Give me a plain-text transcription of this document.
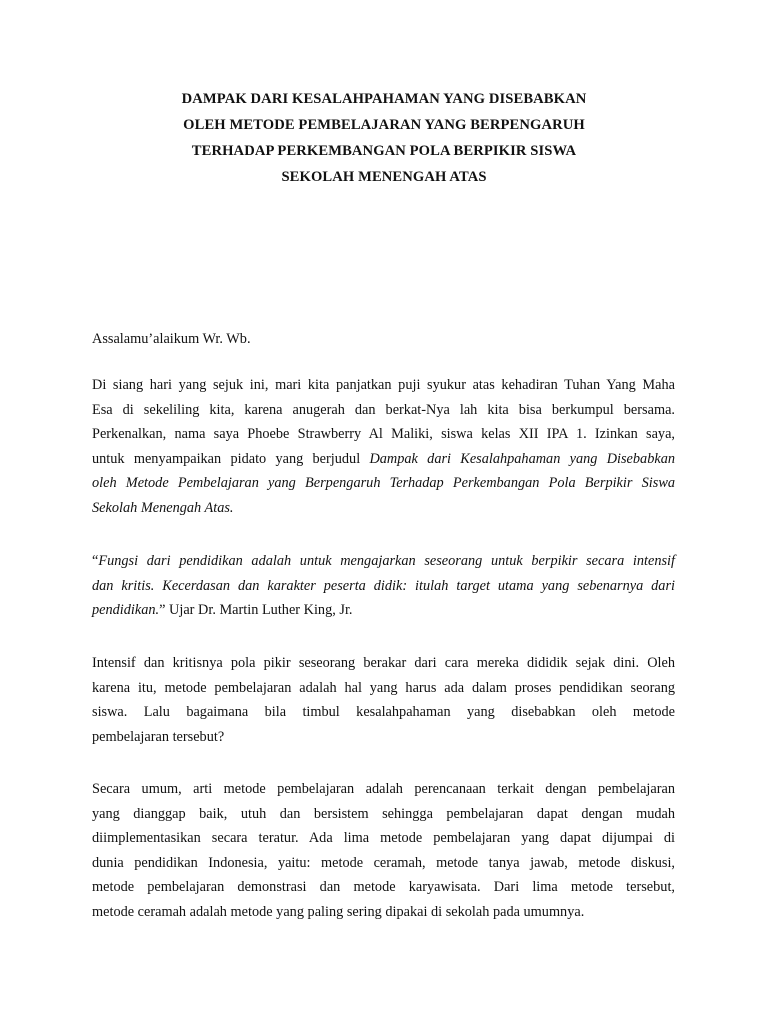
DAMPAK DARI KESALAHPAHAMAN YANG DISEBABKAN
OLEH METODE PEMBELAJARAN YANG BERPENGARUH
TERHADAP PERKEMBANGAN POLA BERPIKIR SISWA
SEKOLAH MENENGAH ATAS

Assalamu’alaikum Wr. Wb.

Di siang hari yang sejuk ini, mari kita panjatkan puji syukur atas kehadiran Tuhan Yang Maha
Esa di sekeliling kita, karena anugerah dan berkat-Nya lah kita bisa berkumpul bersama.
Perkenalkan, nama saya Phoebe Strawberry Al Maliki, siswa kelas XII IPA 1. Izinkan saya,
untuk menyampaikan pidato yang berjudul Dampak dari Kesalahpahaman yang Disebabkan
oleh Metode Pembelajaran yang Berpengaruh Terhadap Perkembangan Pola Berpikir Siswa
Sekolah Menengah Atas.

“Fungsi dari pendidikan adalah untuk mengajarkan seseorang untuk berpikir secara intensif
dan kritis. Kecerdasan dan karakter peserta didik: itulah target utama yang sebenarnya dari
pendidikan.” Ujar Dr. Martin Luther King, Jr.

Intensif dan kritisnya pola pikir seseorang berakar dari cara mereka dididik sejak dini. Oleh
karena itu, metode pembelajaran adalah hal yang harus ada dalam proses pendidikan seorang
siswa. Lalu bagaimana bila timbul kesalahpahaman yang disebabkan oleh metode
pembelajaran tersebut?

Secara umum, arti metode pembelajaran adalah perencanaan terkait dengan pembelajaran
yang dianggap baik, utuh dan bersistem sehingga pembelajaran dapat dengan mudah
diimplementasikan secara teratur. Ada lima metode pembelajaran yang dapat dijumpai di
dunia pendidikan Indonesia, yaitu: metode ceramah, metode tanya jawab, metode diskusi,
metode pembelajaran demonstrasi dan metode karyawisata. Dari lima metode tersebut,
metode ceramah adalah metode yang paling sering dipakai di sekolah pada umumnya.
